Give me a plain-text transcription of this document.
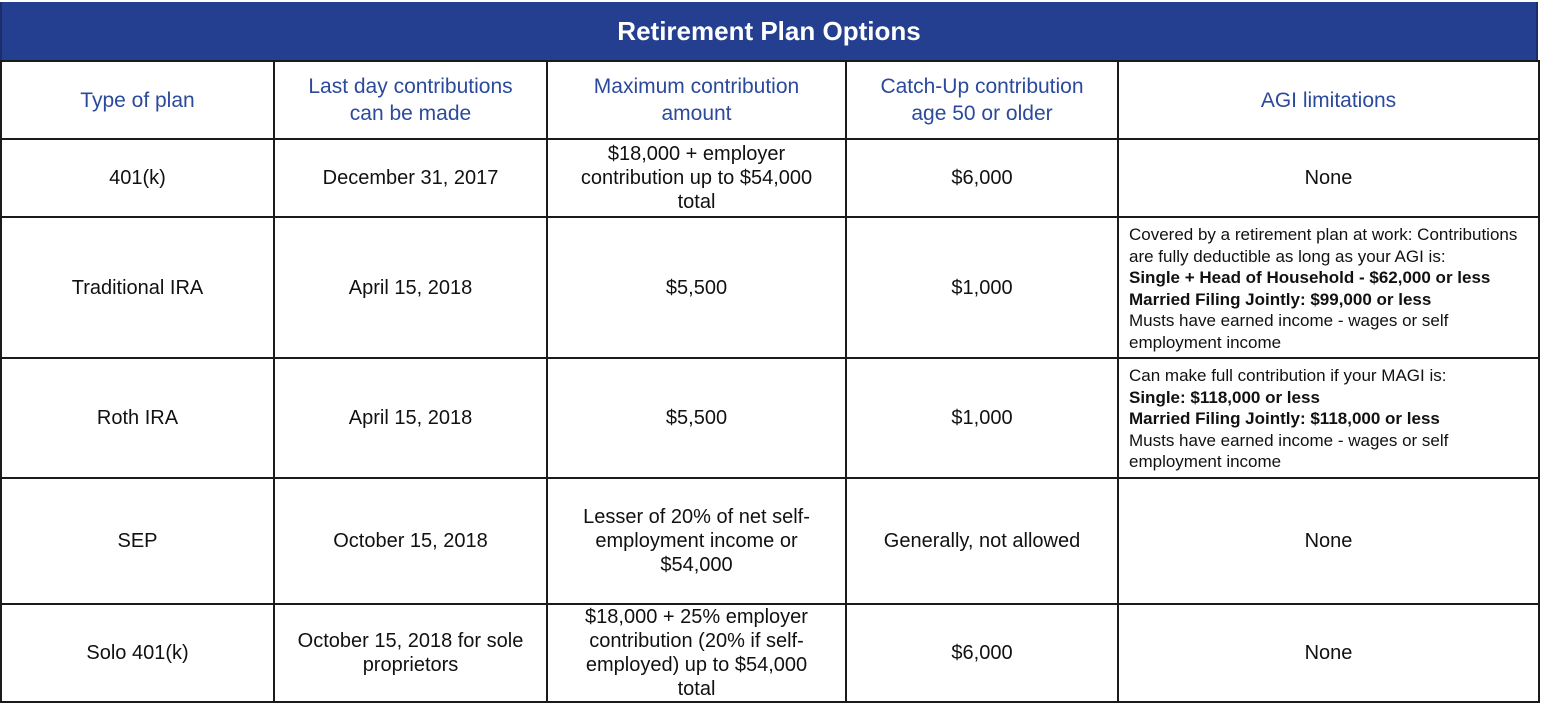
Retirement Plan Options
Type of plan	Last day contributions can be made	Maximum contribution amount	Catch-Up contribution age 50 or older	AGI limitations
401(k)	December 31, 2017	$18,000 + employer contribution up to $54,000 total	$6,000	None
Traditional IRA	April 15, 2018	$5,500	$1,000	Covered by a retirement plan at work: Contributions are fully deductible as long as your AGI is:
Single + Head of Household - $62,000 or less
Married Filing Jointly: $99,000 or less
Musts have earned income - wages or self employment income

Roth IRA	April 15, 2018	$5,500	$1,000	Can make full contribution if your MAGI is:
Single: $118,000 or less
Married Filing Jointly: $118,000 or less
Musts have earned income - wages or self employment income

SEP	October 15, 2018	Lesser of 20% of net self-employment income or $54,000	Generally, not allowed	None
Solo 401(k)	October 15, 2018 for sole proprietors	$18,000 + 25% employer contribution (20% if self-employed) up to $54,000 total	$6,000	None
